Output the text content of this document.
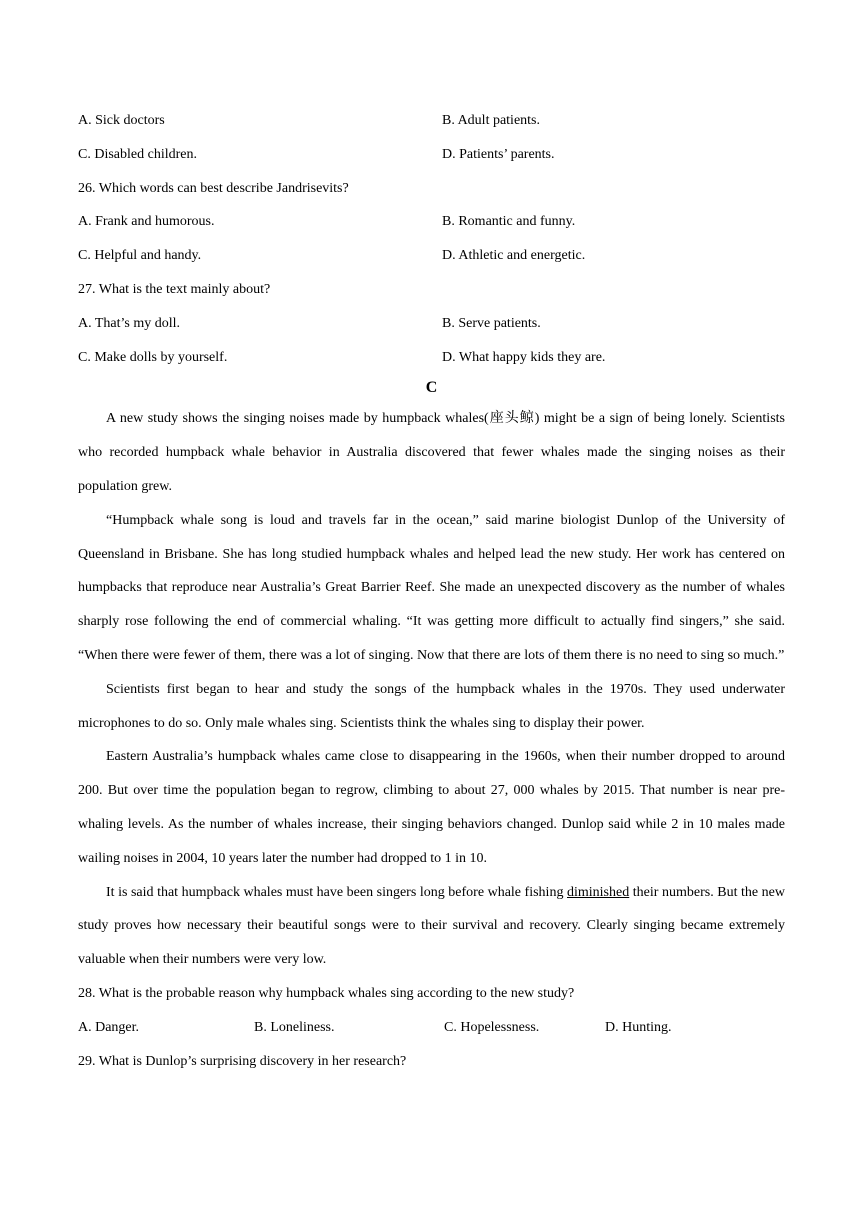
A. Sick doctors	B. Adult patients.
C. Disabled children.	D. Patients’ parents.
26. Which words can best describe Jandrisevits?
A. Frank and humorous.	B. Romantic and funny.
C. Helpful and handy.	D. Athletic and energetic.
27. What is the text mainly about?
A. That’s my doll.	B. Serve patients.
C. Make dolls by yourself.	D. What happy kids they are.
C

A new study shows the singing noises made by humpback whales(座头鲸) might be a sign of being lonely. Scientists who recorded humpback whale behavior in Australia discovered that fewer whales made the singing noises as their population grew.

“Humpback whale song is loud and travels far in the ocean,” said marine biologist Dunlop of the University of Queensland in Brisbane. She has long studied humpback whales and helped lead the new study. Her work has centered on humpbacks that reproduce near Australia’s Great Barrier Reef. She made an unexpected discovery as the number of whales sharply rose following the end of commercial whaling. “It was getting more difficult to actually find singers,” she said. “When there were fewer of them, there was a lot of singing. Now that there are lots of them there is no need to sing so much.”

Scientists first began to hear and study the songs of the humpback whales in the 1970s. They used underwater microphones to do so. Only male whales sing. Scientists think the whales sing to display their power.

Eastern Australia’s humpback whales came close to disappearing in the 1960s, when their number dropped to around 200. But over time the population began to regrow, climbing to about 27, 000 whales by 2015. That number is near pre-whaling levels. As the number of whales increase, their singing behaviors changed. Dunlop said while 2 in 10 males made wailing noises in 2004, 10 years later the number had dropped to 1 in 10.

It is said that humpback whales must have been singers long before whale fishing diminished their numbers. But the new study proves how necessary their beautiful songs were to their survival and recovery. Clearly singing became extremely valuable when their numbers were very low.

28. What is the probable reason why humpback whales sing according to the new study?
A. Danger.	B. Loneliness.	C. Hopelessness.	D. Hunting.
29. What is Dunlop’s surprising discovery in her research?
